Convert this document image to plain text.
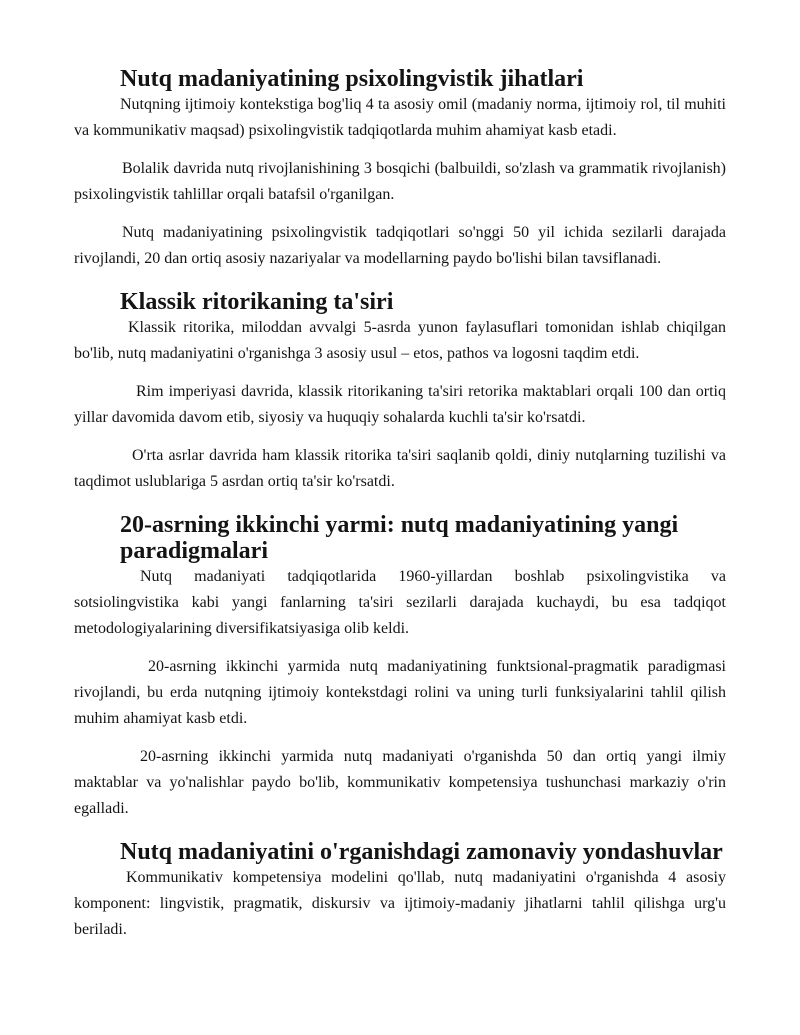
Nutq madaniyatining psixolingvistik jihatlari

Nutqning ijtimoiy kontekstiga bog'liq 4 ta asosiy omil (madaniy norma, ijtimoiy rol, til muhiti va kommunikativ maqsad) psixolingvistik tadqiqotlarda muhim ahamiyat kasb etadi.

Bolalik davrida nutq rivojlanishining 3 bosqichi (balbuildi, so'zlash va grammatik rivojlanish) psixolingvistik tahlillar orqali batafsil o'rganilgan.

Nutq madaniyatining psixolingvistik tadqiqotlari so'nggi 50 yil ichida sezilarli darajada rivojlandi, 20 dan ortiq asosiy nazariyalar va modellarning paydo bo'lishi bilan tavsiflanadi.

Klassik ritorikaning ta'siri

Klassik ritorika, miloddan avvalgi 5-asrda yunon faylasuflari tomonidan ishlab chiqilgan bo'lib, nutq madaniyatini o'rganishga 3 asosiy usul – etos, pathos va logosni taqdim etdi.

Rim imperiyasi davrida, klassik ritorikaning ta'siri retorika maktablari orqali 100 dan ortiq yillar davomida davom etib, siyosiy va huquqiy sohalarda kuchli ta'sir ko'rsatdi.

O'rta asrlar davrida ham klassik ritorika ta'siri saqlanib qoldi, diniy nutqlarning tuzilishi va taqdimot uslublariga 5 asrdan ortiq ta'sir ko'rsatdi.

20-asrning ikkinchi yarmi: nutq madaniyatining yangi paradigmalari

Nutq madaniyati tadqiqotlarida 1960-yillardan boshlab psixolingvistika va sotsiolingvistika kabi yangi fanlarning ta'siri sezilarli darajada kuchaydi, bu esa tadqiqot metodologiyalarining diversifikatsiyasiga olib keldi.

20-asrning ikkinchi yarmida nutq madaniyatining funktsional-pragmatik paradigmasi rivojlandi, bu erda nutqning ijtimoiy kontekstdagi rolini va uning turli funksiyalarini tahlil qilish muhim ahamiyat kasb etdi.

20-asrning ikkinchi yarmida nutq madaniyati o'rganishda 50 dan ortiq yangi ilmiy maktablar va yo'nalishlar paydo bo'lib, kommunikativ kompetensiya tushunchasi markaziy o'rin egalladi.

Nutq madaniyatini o'rganishdagi zamonaviy yondashuvlar

Kommunikativ kompetensiya modelini qo'llab, nutq madaniyatini o'rganishda 4 asosiy komponent: lingvistik, pragmatik, diskursiv va ijtimoiy-madaniy jihatlarni tahlil qilishga urg'u beriladi.
